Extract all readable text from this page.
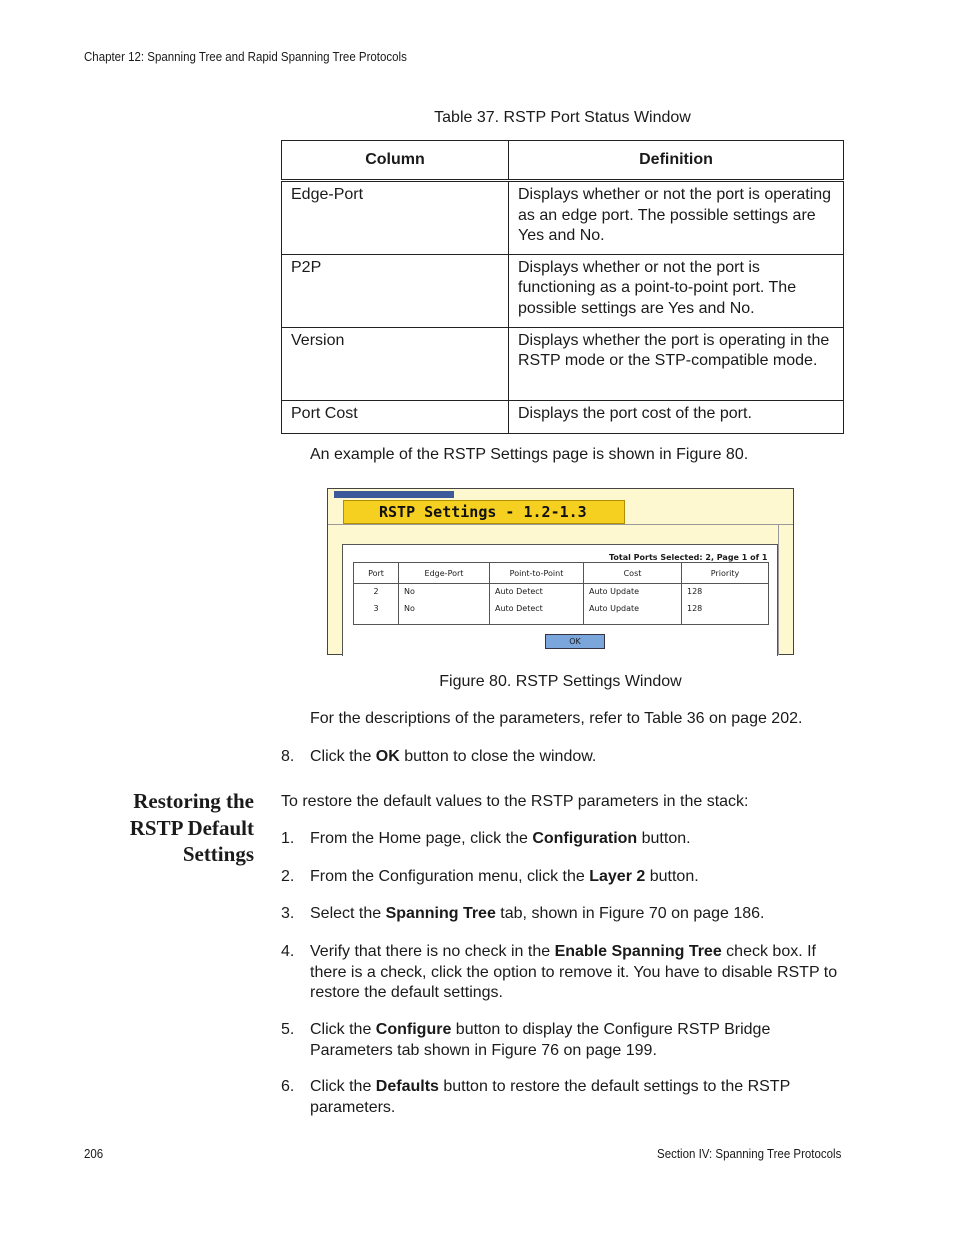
Chapter 12: Spanning Tree and Rapid Spanning Tree Protocols
Table 37. RSTP Port Status Window
Column	Definition
Edge-Port	Displays whether or not the port is operating as an edge port. The possible settings are Yes and No.
P2P	Displays whether or not the port is functioning as a point-to-point port. The possible settings are Yes and No.
Version	Displays whether the port is operating in the RSTP mode or the STP-compatible mode.
Port Cost	Displays the port cost of the port.
An example of the RSTP Settings page is shown in Figure 80.
RSTP Settings - 1.2-1.3
Total Ports Selected: 2, Page 1 of 1
Port	Edge-Port	Point-to-Point	Cost	Priority
2	No	Auto Detect	Auto Update	128
3	No	Auto Detect	Auto Update	128
OK
Figure 80. RSTP Settings Window
For the descriptions of the parameters, refer to Table 36 on page 202.
8. Click the OK button to close the window.
Restoring the
RSTP Default
Settings
To restore the default values to the RSTP parameters in the stack:
1. From the Home page, click the Configuration button.
2. From the Configuration menu, click the Layer 2 button.
3. Select the Spanning Tree tab, shown in Figure 70 on page 186.
4. Verify that there is no check in the Enable Spanning Tree check box. If there is a check, click the option to remove it. You have to disable RSTP to restore the default settings.
5. Click the Configure button to display the Configure RSTP Bridge Parameters tab shown in Figure 76 on page 199.
6. Click the Defaults button to restore the default settings to the RSTP parameters.
206	Section IV: Spanning Tree Protocols
